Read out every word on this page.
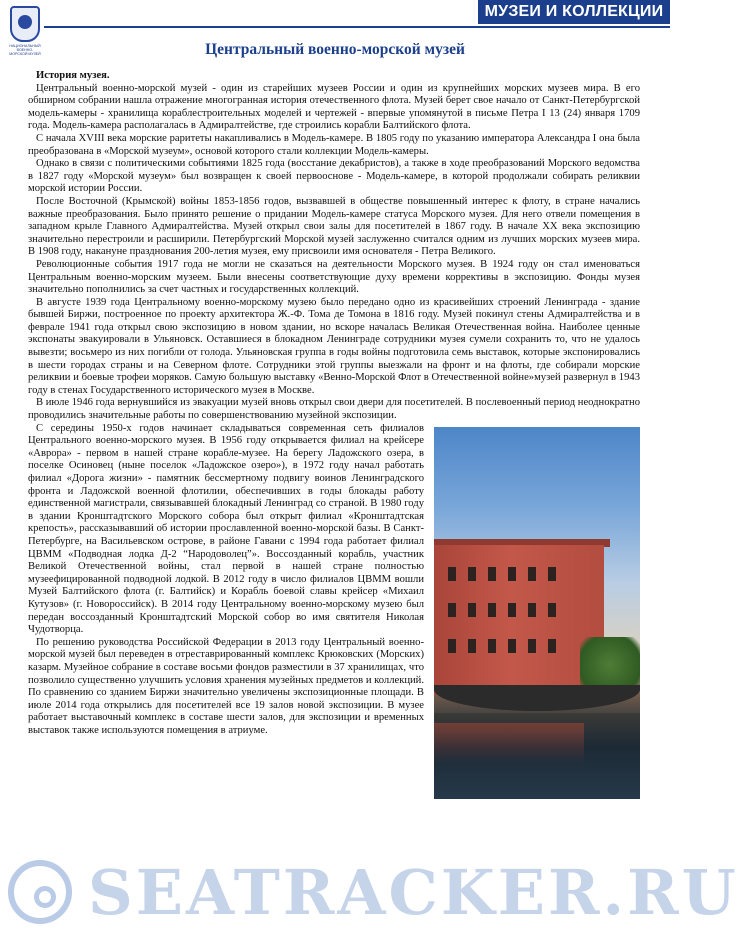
НАЦИОНАЛЬНЫЙ ВОЕННО-МОРСКОЙ МУЗЕЙ
МУЗЕИ И КОЛЛЕКЦИИ
Центральный военно-морской музей
История музея.

Центральный военно-морской музей - один из старейших музеев России и один из крупнейших морских музеев мира. В его обширном собрании нашла отражение многогранная история отечественного флота. Музей берет свое начало от Санкт-Петербургской модель-камеры - хранилища кораблестроительных моделей и чертежей - впервые упомянутой в письме Петра I 13 (24) января 1709 года. Модель-камера располагалась в Адмиралтействе, где строились корабли Балтийского флота.

С начала XVIII века морские раритеты накапливались в Модель-камере. В 1805 году по указанию императора Александра I она была преобразована в «Морской музеум», основой которого стали коллекции Модель-камеры.

Однако в связи с политическими событиями 1825 года (восстание декабристов), а также в ходе преобразований Морского ведомства в 1827 году «Морской музеум» был возвращен к своей первооснове - Модель-камере, в которой продолжали собирать реликвии морской истории России.

После Восточной (Крымской) войны 1853-1856 годов, вызвавшей в обществе повышенный интерес к флоту, в стране начались важные преобразования. Было принято решение о придании Модель-камере статуса Морского музея. Для него отвели помещения в западном крыле Главного Адмиралтейства. Музей открыл свои залы для посетителей в 1867 году. В начале XX века экспозицию значительно перестроили и расширили. Петербургский Морской музей заслуженно считался одним из лучших морских музеев мира. В 1908 году, накануне празднования 200-летия музея, ему присвоили имя основателя - Петра Великого.

Революционные события 1917 года не могли не сказаться на деятельности Морского музея. В 1924 году он стал именоваться Центральным военно-морским музеем. Были внесены соответствующие духу времени коррективы в экспозицию. Фонды музея значительно пополнились за счет частных и государственных коллекций.

В августе 1939 года Центральному военно-морскому музею было передано одно из красивейших строений Ленинграда - здание бывшей Биржи, построенное по проекту архитектора Ж.-Ф. Тома де Томона в 1816 году. Музей покинул стены Адмиралтейства и в феврале 1941 года открыл свою экспозицию в новом здании, но вскоре началась Великая Отечественная война. Наиболее ценные экспонаты эвакуировали в Ульяновск. Оставшиеся в блокадном Ленинграде сотрудники музея сумели сохранить то, что не удалось вывезти; восьмеро из них погибли от голода. Ульяновская группа в годы войны подготовила семь выставок, которые экспонировались в шести городах страны и на Северном флоте. Сотрудники этой группы выезжали на фронт и на флоты, где собирали морские реликвии и боевые трофеи моряков. Самую большую выставку «Венно-Морской Флот в Отечественной войне»музей развернул в 1943 году в стенах Государственного исторического музея в Москве.

В июле 1946 года вернувшийся из эвакуации музей вновь открыл свои двери для посетителей. В послевоенный период неоднократно проводились значительные работы по совершенствованию музейной экспозиции.

С середины 1950-х годов начинает складываться современная сеть филиалов Центрального военно-морского музея. В 1956 году открывается филиал на крейсере «Аврора» - первом в нашей стране корабле-музее. На берегу Ладожского озера, в поселке Осиновец (ныне поселок «Ладожское озеро»), в 1972 году начал работать филиал «Дорога жизни» - памятник бессмертному подвигу воинов Ленинградского фронта и Ладожской военной флотилии, обеспечивших в годы блокады работу единственной магистрали, связывавшей блокадный Ленинград со страной. В 1980 году в здании Кронштадтского Морского собора был открыт филиал «Кронштадтская крепость», рассказывавший об истории прославленной военно-морской базы. В Санкт-Петербурге, на Васильевском острове, в районе Гавани с 1994 года работает филиал ЦВММ «Подводная лодка Д-2 “Народоволец”». Воссозданный корабль, участник Великой Отечественной войны, стал первой в нашей стране полностью музеефицированной подводной лодкой. В 2012 году в число филиалов ЦВММ вошли Музей Балтийского флота (г. Балтийск) и Корабль боевой славы крейсер «Михаил Кутузов» (г. Новороссийск). В 2014 году Центральному военно-морскому музею был передан воссозданный Кронштадтский Морской собор во имя святителя Николая Чудотворца.

По решению руководства Российской Федерации в 2013 году Центральный военно-морской музей был переведен в отреставрированный комплекс Крюковских (Морских) казарм. Музейное собрание в составе восьми фондов разместили в 37 хранилищах, что позволило существенно улучшить условия хранения музейных предметов и коллекций. По сравнению со зданием Биржи значительно увеличены экспозиционные площади. В июле 2014 года открылись для посетителей все 19 залов новой экспозиции. В музее работает выставочный комплекс в составе шести залов, для экспозиции и временных выставок также используются помещения в атриуме.

SEATRACKER.RU
